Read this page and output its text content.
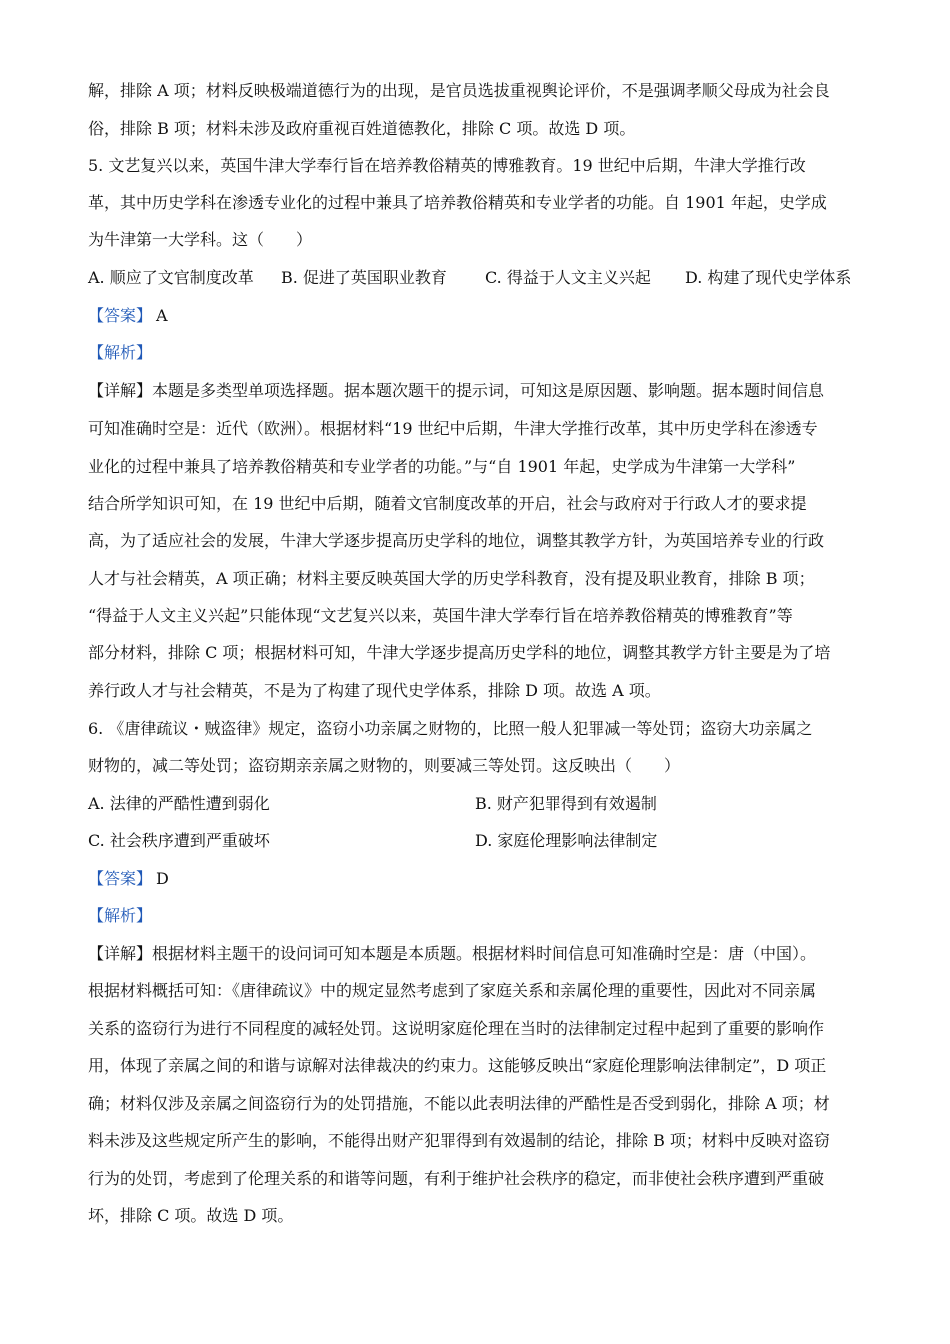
解，排除 A 项；材料反映极端道德行为的出现，是官员选拔重视舆论评价，不是强调孝顺父母成为社会良
俗，排除 B 项；材料未涉及政府重视百姓道德教化，排除 C 项。故选 D 项。
5. 文艺复兴以来，英国牛津大学奉行旨在培养教俗精英的博雅教育。19 世纪中后期，牛津大学推行改
革，其中历史学科在渗透专业化的过程中兼具了培养教俗精英和专业学者的功能。自 1901 年起，史学成
为牛津第一大学科。这（　　）
A. 顺应了文官制度改革 B. 促进了英国职业教育 C. 得益于人文主义兴起 D. 构建了现代史学体系
【答案】 A
【解析】
【详解】本题是多类型单项选择题。据本题次题干的提示词，可知这是原因题、影响题。据本题时间信息
可知准确时空是：近代（欧洲）。根据材料“19 世纪中后期，牛津大学推行改革，其中历史学科在渗透专
业化的过程中兼具了培养教俗精英和专业学者的功能。”与“自 1901 年起，史学成为牛津第一大学科”
结合所学知识可知，在 19 世纪中后期，随着文官制度改革的开启，社会与政府对于行政人才的要求提
高，为了适应社会的发展，牛津大学逐步提高历史学科的地位，调整其教学方针，为英国培养专业的行政
人才与社会精英，A 项正确；材料主要反映英国大学的历史学科教育，没有提及职业教育，排除 B 项；
“得益于人文主义兴起”只能体现“文艺复兴以来，英国牛津大学奉行旨在培养教俗精英的博雅教育”等
部分材料，排除 C 项；根据材料可知，牛津大学逐步提高历史学科的地位，调整其教学方针主要是为了培
养行政人才与社会精英，不是为了构建了现代史学体系，排除 D 项。故选 A 项。
6. 《唐律疏议・贼盗律》规定，盗窃小功亲属之财物的，比照一般人犯罪减一等处罚；盗窃大功亲属之
财物的，减二等处罚；盗窃期亲亲属之财物的，则要减三等处罚。这反映出（　　）
A. 法律的严酷性遭到弱化	B. 财产犯罪得到有效遏制
C. 社会秩序遭到严重破坏	D. 家庭伦理影响法律制定
【答案】 D
【解析】
【详解】根据材料主题干的设问词可知本题是本质题。根据材料时间信息可知准确时空是：唐（中国）。
根据材料概括可知：《唐律疏议》中的规定显然考虑到了家庭关系和亲属伦理的重要性，因此对不同亲属
关系的盗窃行为进行不同程度的减轻处罚。这说明家庭伦理在当时的法律制定过程中起到了重要的影响作
用，体现了亲属之间的和谐与谅解对法律裁决的约束力。这能够反映出“家庭伦理影响法律制定”，D 项正
确；材料仅涉及亲属之间盗窃行为的处罚措施，不能以此表明法律的严酷性是否受到弱化，排除 A 项；材
料未涉及这些规定所产生的影响，不能得出财产犯罪得到有效遏制的结论，排除 B 项；材料中反映对盗窃
行为的处罚，考虑到了伦理关系的和谐等问题，有利于维护社会秩序的稳定，而非使社会秩序遭到严重破
坏，排除 C 项。故选 D 项。
